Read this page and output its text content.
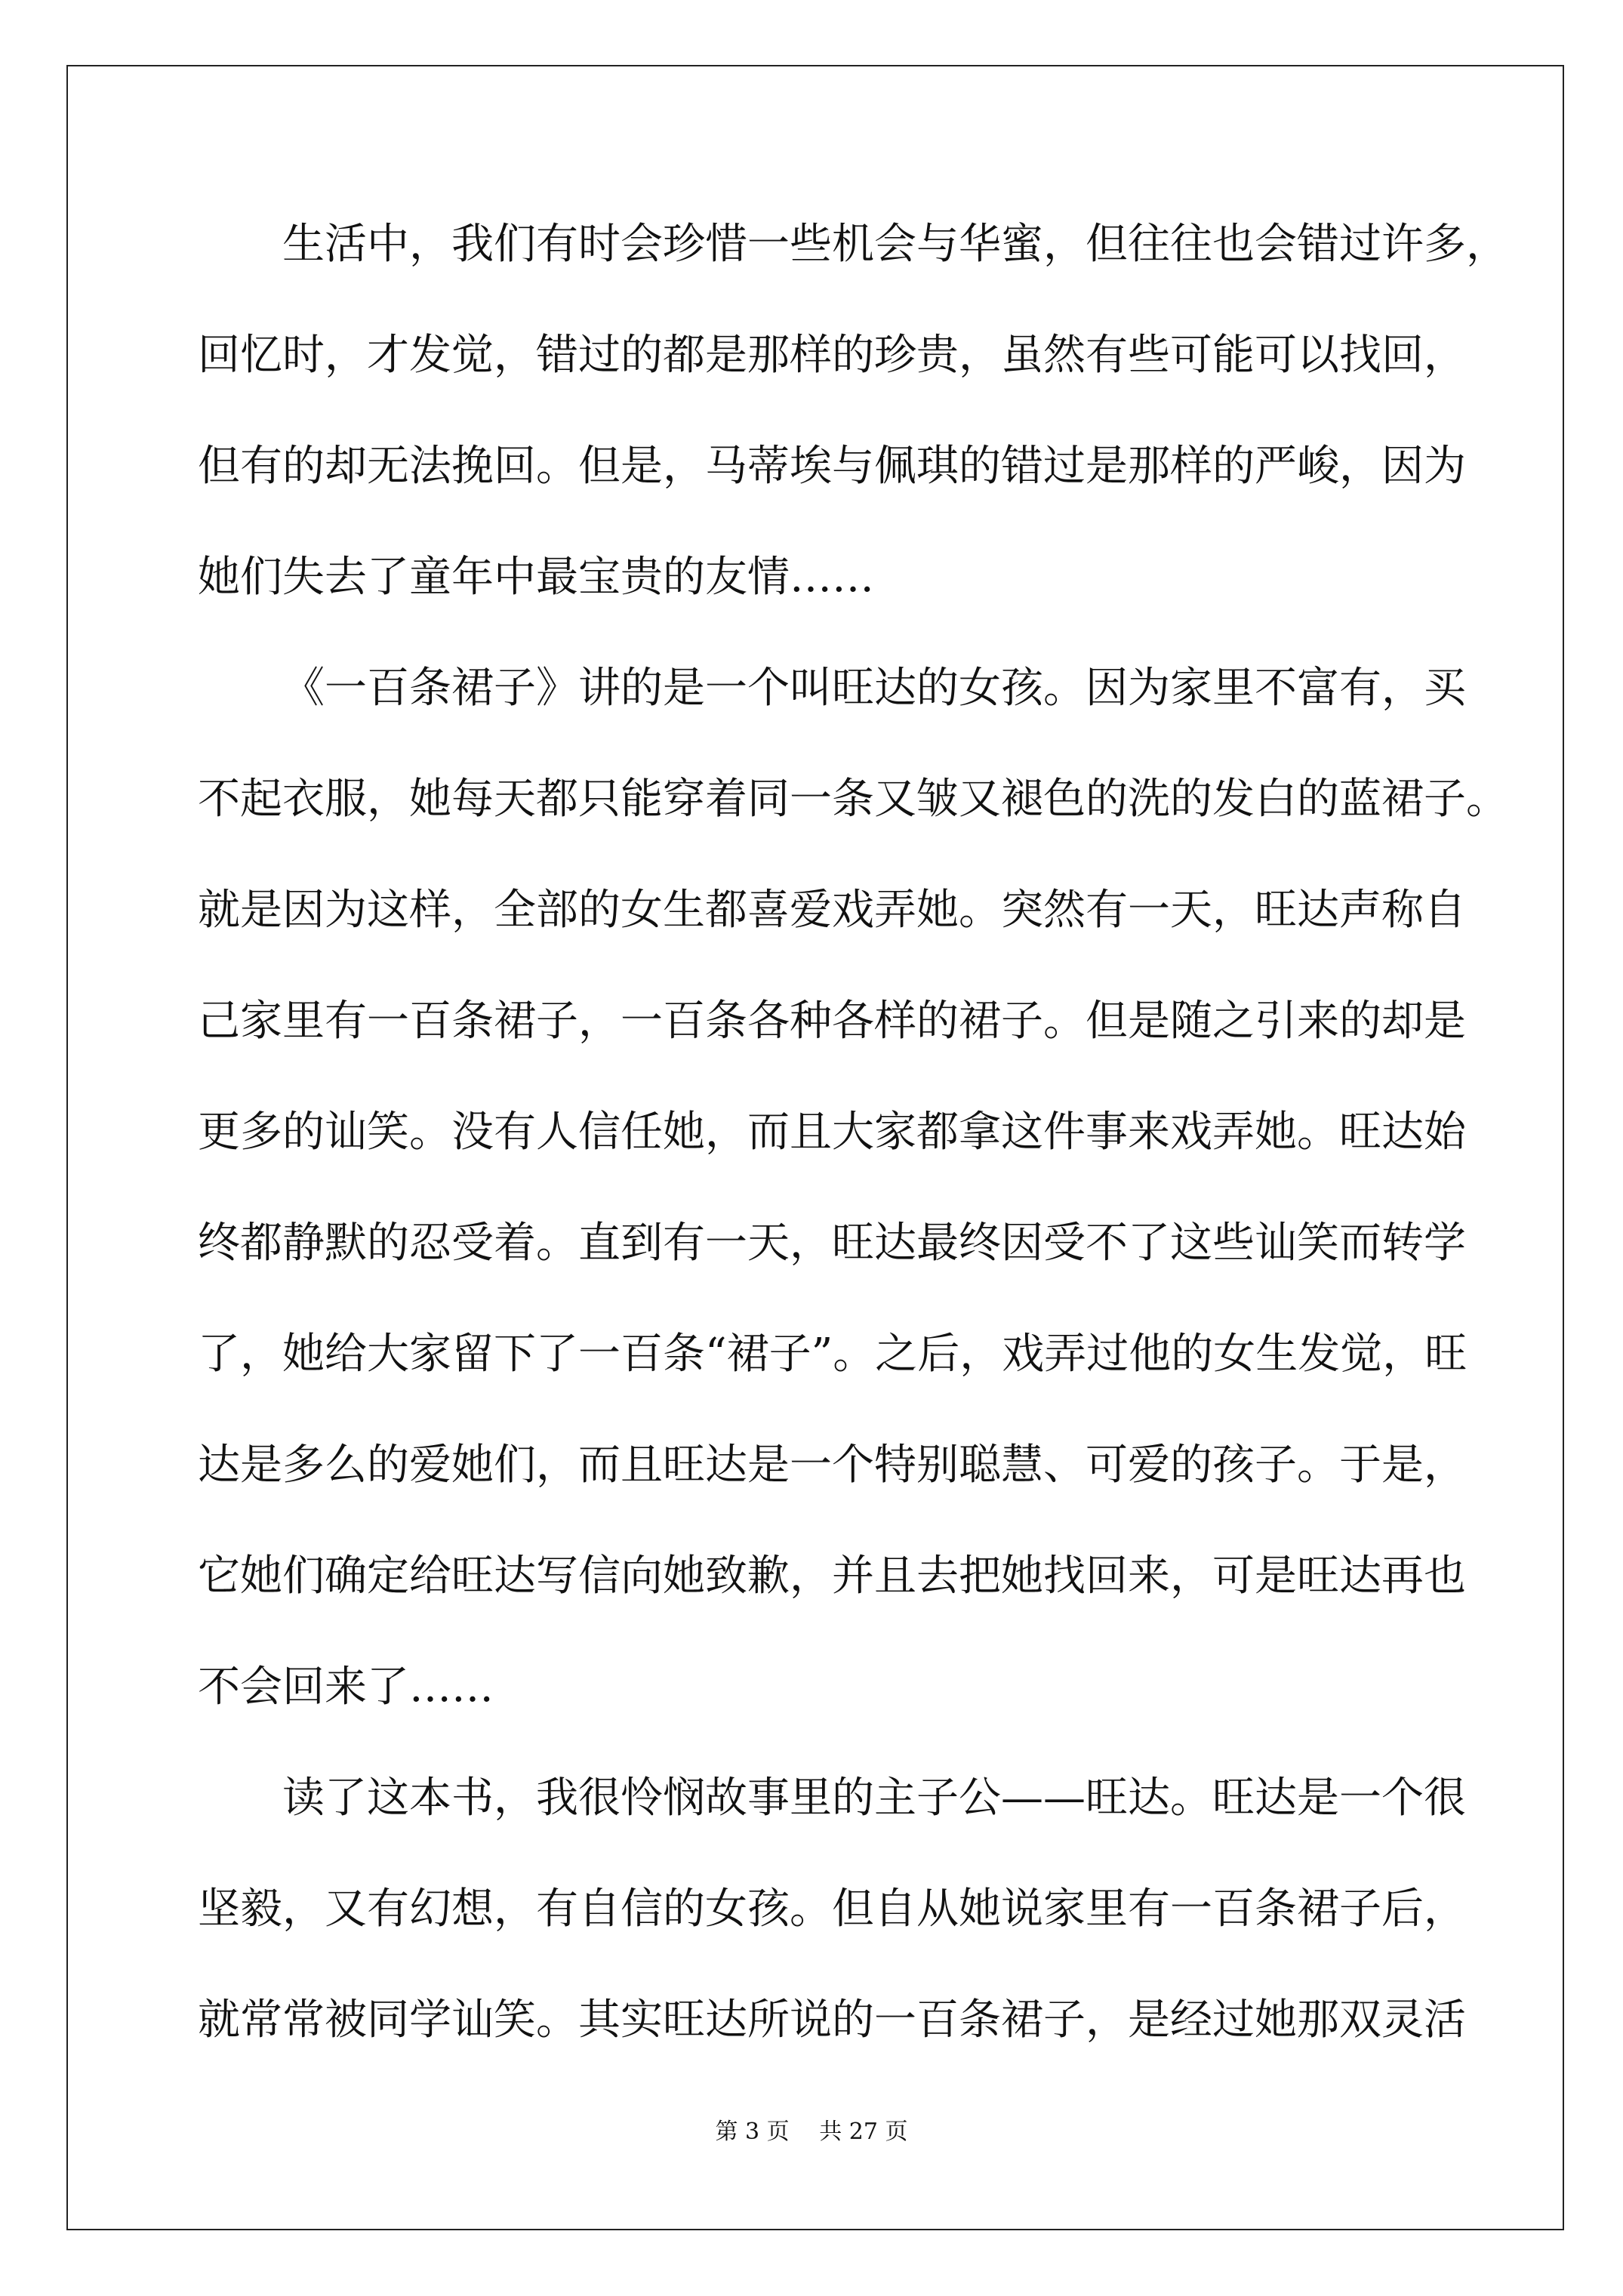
生活中，我们有时会珍惜一些机会与华蜜，但往往也会错过许多，
回忆时，才发觉，错过的都是那样的珍贵，虽然有些可能可以找回，
但有的却无法挽回。但是，马蒂埃与佩琪的错过是那样的严峻，因为
她们失去了童年中最宝贵的友情……
《一百条裙子》讲的是一个叫旺达的女孩。因为家里不富有，买
不起衣服，她每天都只能穿着同一条又皱又褪色的洗的发白的蓝裙子。
就是因为这样，全部的女生都喜爱戏弄她。突然有一天，旺达声称自
己家里有一百条裙子，一百条各种各样的裙子。但是随之引来的却是
更多的讪笑。没有人信任她，而且大家都拿这件事来戏弄她。旺达始
终都静默的忍受着。直到有一天，旺达最终因受不了这些讪笑而转学
了，她给大家留下了一百条“裙子”。之后，戏弄过他的女生发觉，旺
达是多么的爱她们，而且旺达是一个特别聪慧、可爱的孩子。于是，
它她们确定给旺达写信向她致歉，并且去把她找回来，可是旺达再也
不会回来了……
读了这本书，我很怜悯故事里的主子公——旺达。旺达是一个很
坚毅，又有幻想，有自信的女孩。但自从她说家里有一百条裙子后，
就常常被同学讪笑。其实旺达所说的一百条裙子，是经过她那双灵活
第 3 页　 共 27 页
